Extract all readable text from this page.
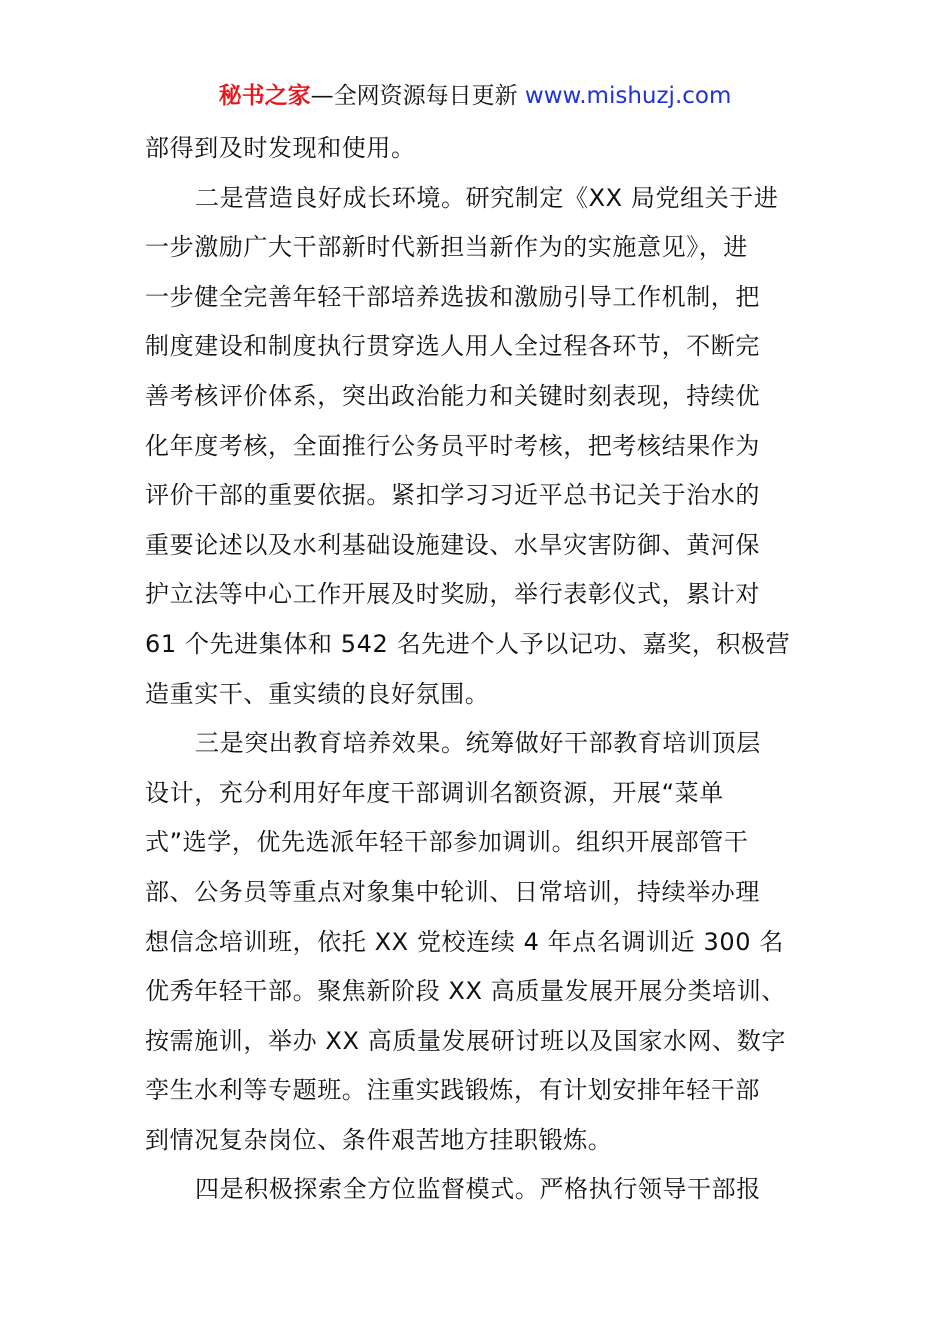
秘书之家—全网资源每日更新 www.mishuzj.com
部得到及时发现和使用。
二是营造良好成长环境。研究制定《XX 局党组关于进
一步激励广大干部新时代新担当新作为的实施意见》，进
一步健全完善年轻干部培养选拔和激励引导工作机制，把
制度建设和制度执行贯穿选人用人全过程各环节，不断完
善考核评价体系，突出政治能力和关键时刻表现，持续优
化年度考核，全面推行公务员平时考核，把考核结果作为
评价干部的重要依据。紧扣学习习近平总书记关于治水的
重要论述以及水利基础设施建设、水旱灾害防御、黄河保
护立法等中心工作开展及时奖励，举行表彰仪式，累计对
61 个先进集体和 542 名先进个人予以记功、嘉奖，积极营
造重实干、重实绩的良好氛围。
三是突出教育培养效果。统筹做好干部教育培训顶层
设计，充分利用好年度干部调训名额资源，开展“菜单
式”选学，优先选派年轻干部参加调训。组织开展部管干
部、公务员等重点对象集中轮训、日常培训，持续举办理
想信念培训班，依托 XX 党校连续 4 年点名调训近 300 名
优秀年轻干部。聚焦新阶段 XX 高质量发展开展分类培训、
按需施训，举办 XX 高质量发展研讨班以及国家水网、数字
孪生水利等专题班。注重实践锻炼，有计划安排年轻干部
到情况复杂岗位、条件艰苦地方挂职锻炼。
四是积极探索全方位监督模式。严格执行领导干部报
